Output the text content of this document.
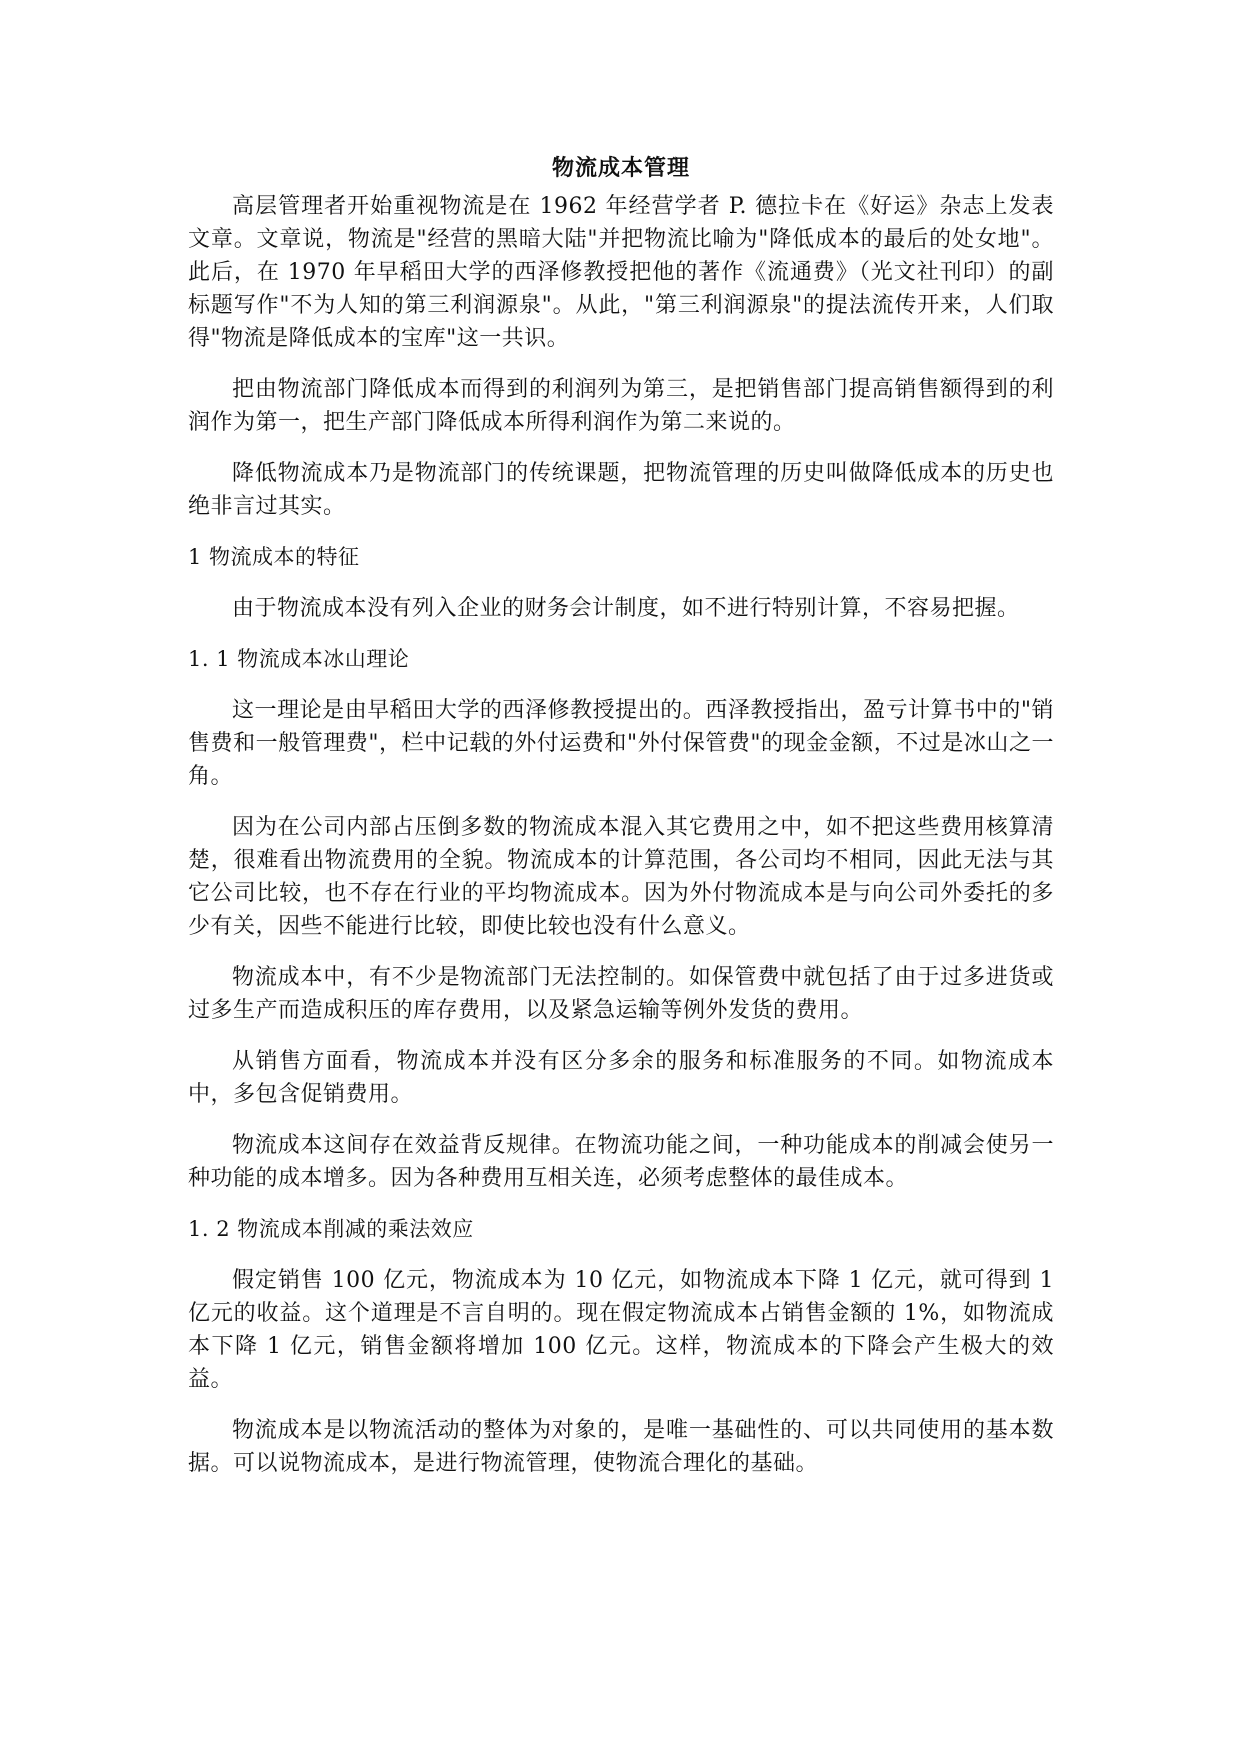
物流成本管理

高层管理者开始重视物流是在 1962 年经营学者 P. 德拉卡在《好运》杂志上发表文章。文章说，物流是"经营的黑暗大陆"并把物流比喻为"降低成本的最后的处女地"。 此后，在 1970 年早稻田大学的西泽修教授把他的著作《流通费》（光文社刊印）的副标题写作"不为人知的第三利润源泉"。从此，"第三利润源泉"的提法流传开来，人们取得"物流是降低成本的宝库"这一共识。

把由物流部门降低成本而得到的利润列为第三，是把销售部门提高销售额得到的利润作为第一，把生产部门降低成本所得利润作为第二来说的。

降低物流成本乃是物流部门的传统课题，把物流管理的历史叫做降低成本的历史也绝非言过其实。

1 物流成本的特征

由于物流成本没有列入企业的财务会计制度，如不进行特别计算，不容易把握。

1. 1 物流成本冰山理论

这一理论是由早稻田大学的西泽修教授提出的。西泽教授指出，盈亏计算书中的"销售费和一般管理费"，栏中记载的外付运费和"外付保管费"的现金金额，不过是冰山之一角。

因为在公司内部占压倒多数的物流成本混入其它费用之中，如不把这些费用核算清楚，很难看出物流费用的全貌。物流成本的计算范围，各公司均不相同，因此无法与其它公司比较，也不存在行业的平均物流成本。因为外付物流成本是与向公司外委托的多少有关，因些不能进行比较，即使比较也没有什么意义。

物流成本中，有不少是物流部门无法控制的。如保管费中就包括了由于过多进货或过多生产而造成积压的库存费用，以及紧急运输等例外发货的费用。

从销售方面看，物流成本并没有区分多余的服务和标准服务的不同。如物流成本中，多包含促销费用。

物流成本这间存在效益背反规律。在物流功能之间，一种功能成本的削减会使另一种功能的成本增多。因为各种费用互相关连，必须考虑整体的最佳成本。

1. 2 物流成本削减的乘法效应

假定销售 100 亿元，物流成本为 10 亿元，如物流成本下降 1 亿元，就可得到 1 亿元的收益。这个道理是不言自明的。现在假定物流成本占销售金额的 1%，如物流成本下降 1 亿元，销售金额将增加 100 亿元。这样，物流成本的下降会产生极大的效益。

物流成本是以物流活动的整体为对象的，是唯一基础性的、可以共同使用的基本数据。可以说物流成本，是进行物流管理，使物流合理化的基础。
